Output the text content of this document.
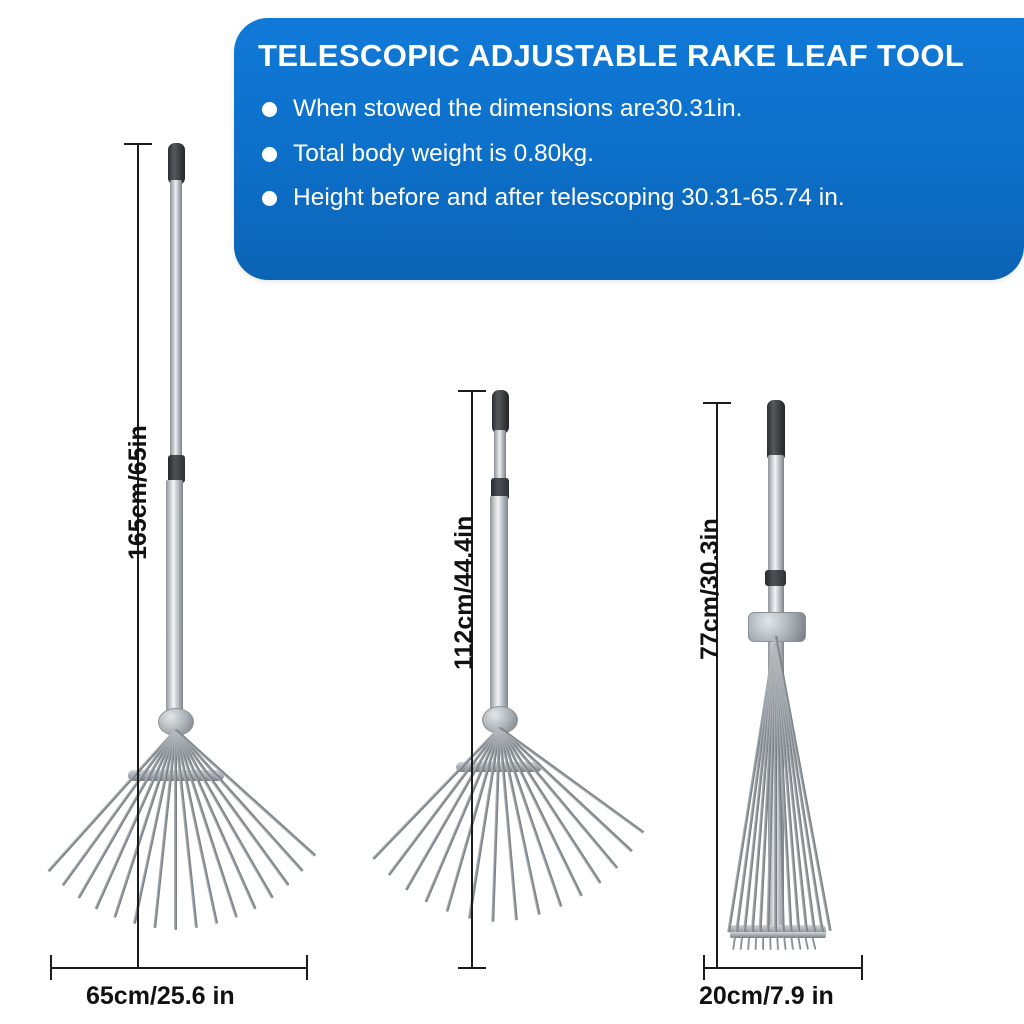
TELESCOPIC ADJUSTABLE RAKE LEAF TOOL
When stowed the dimensions are30.31in.
Total body weight is 0.80kg.
Height before and after telescoping 30.31-65.74 in.
165cm/65in
65cm/25.6 in
112cm/44.4in	77cm/30.3in
20cm/7.9 in
